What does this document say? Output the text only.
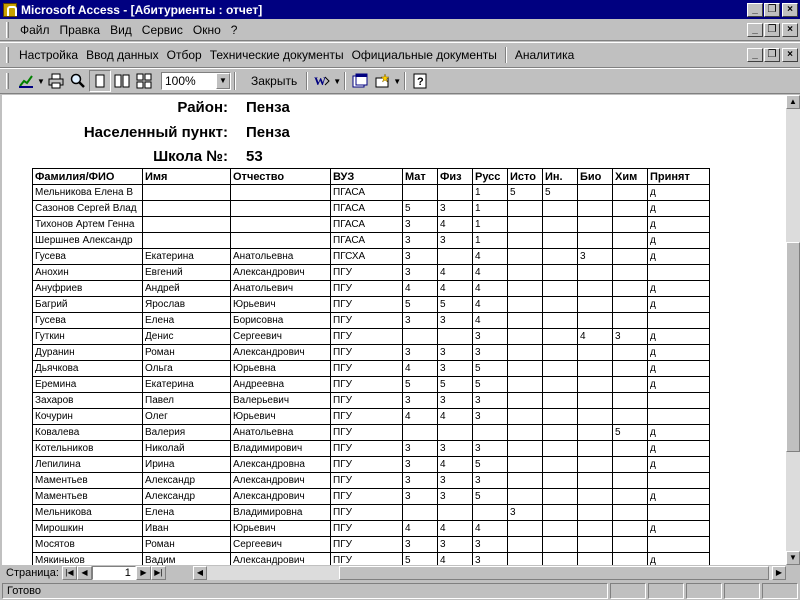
Microsoft Access - [Абитуриенты : отчет]	_ ❐	×
Файл Правка Вид Сервис Окно ?	_ ❐	×
Настройка Ввод данных Отбор Технические документы Официальные документы	Аналитика	_ ❐	×
▼	100%	▼	Закрыть	W ▼	▼ ?
Район: Пенза
Населенный пункт: Пенза
Школа №: 53
Фамилия/ФИО	Имя	Отчество	ВУЗ	Мат	Физ	Русс	Исто	Ин.	Био	Хим	Принят
Мельникова Елена В			ПГАСА			1	5	5			д
Сазонов Сергей Влад			ПГАСА	5	3	1					д
Тихонов Артем Генна			ПГАСА	3	4	1					д
Шершнев Александр			ПГАСА	3	3	1					д
Гусева	Екатерина	Анатольевна	ПГСХА	3		4			3		д
Анохин	Евгений	Александрович	ПГУ	3	4	4					
Ануфриев	Андрей	Анатольевич	ПГУ	4	4	4					д
Багрий	Ярослав	Юрьевич	ПГУ	5	5	4					д
Гусева	Елена	Борисовна	ПГУ	3	3	4					
Гуткин	Денис	Сергеевич	ПГУ			3			4	3	д
Дуранин	Роман	Александрович	ПГУ	3	3	3					д
Дьячкова	Ольга	Юрьевна	ПГУ	4	3	5					д
Еремина	Екатерина	Андреевна	ПГУ	5	5	5					д
Захаров	Павел	Валерьевич	ПГУ	3	3	3					
Кочурин	Олег	Юрьевич	ПГУ	4	4	3					
Ковалева	Валерия	Анатольевна	ПГУ							5	д
Котельников	Николай	Владимирович	ПГУ	3	3	3					д
Лепилина	Ирина	Александровна	ПГУ	3	4	5					д
Маментьев	Александр	Александрович	ПГУ	3	3	3					
Маментьев	Александр	Александрович	ПГУ	3	3	5					д
Мельникова	Елена	Владимировна	ПГУ				3				
Мирошкин	Иван	Юрьевич	ПГУ	4	4	4					д
Мосятов	Роман	Сергеевич	ПГУ	3	3	3					
Мякиньков	Вадим	Александрович	ПГУ	5	4	3					д
▲
▼
Страница: |◀ ◀	1	▶ ▶|	◀	▶
Готово
